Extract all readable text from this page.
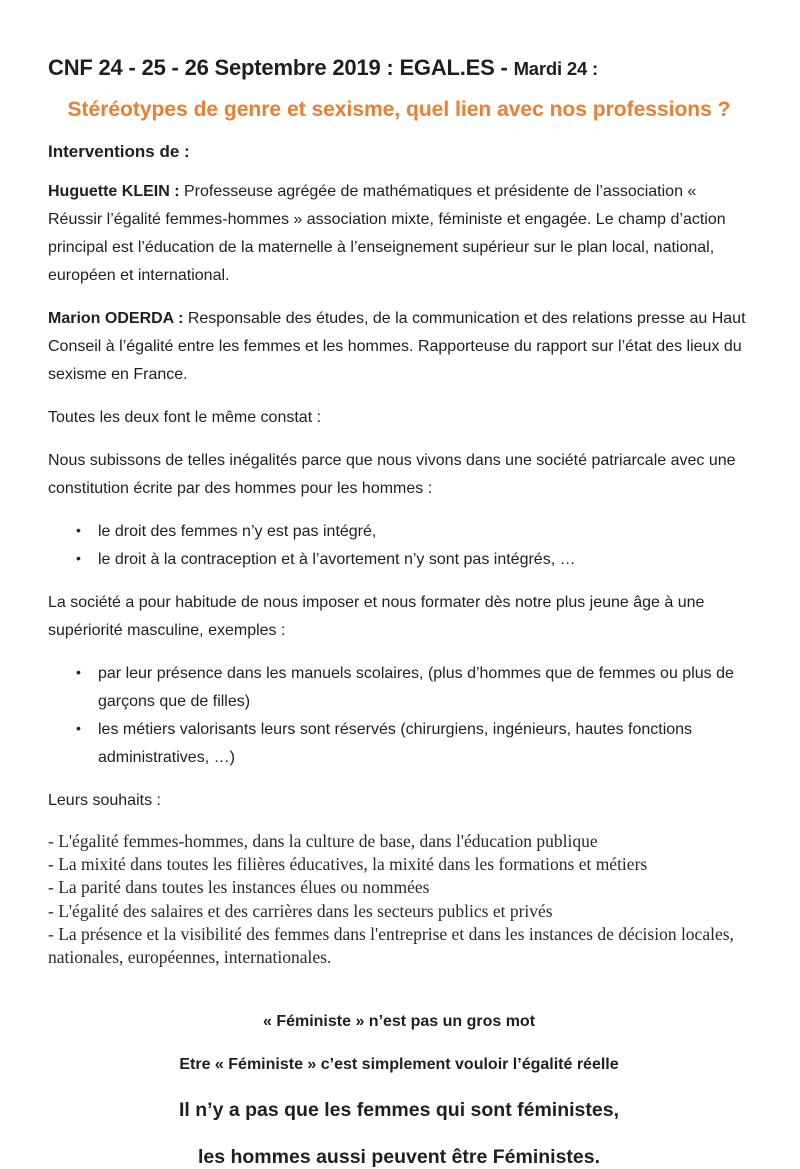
CNF 24 - 25 - 26 Septembre 2019 : EGAL.ES - Mardi 24 :
Stéréotypes de genre et sexisme, quel lien avec nos professions ?
Interventions de :

Huguette KLEIN : Professeuse agrégée de mathématiques et présidente de l’association « Réussir l’égalité femmes-hommes » association mixte, féministe et engagée. Le champ d’action principal est l’éducation de la maternelle à l’enseignement supérieur sur le plan local, national, européen et international.

Marion ODERDA : Responsable des études, de la communication et des relations presse au Haut Conseil à l’égalité entre les femmes et les hommes. Rapporteuse du rapport sur l’état des lieux du sexisme en France.

Toutes les deux font le même constat :

Nous subissons de telles inégalités parce que nous vivons dans une société patriarcale avec une constitution écrite par des hommes pour les hommes :

• le droit des femmes n’y est pas intégré,
• le droit à la contraception et à l’avortement n’y sont pas intégrés, …

La société a pour habitude de nous imposer et nous formater dès notre plus jeune âge à une supériorité masculine, exemples :

• par leur présence dans les manuels scolaires, (plus d’hommes que de femmes ou plus de garçons que de filles)
• les métiers valorisants leurs sont réservés (chirurgiens, ingénieurs, hautes fonctions administratives, …)

Leurs souhaits :

- L'égalité femmes-hommes, dans la culture de base, dans l'éducation publique
- La mixité dans toutes les filières éducatives, la mixité dans les formations et métiers
- La parité dans toutes les instances élues ou nommées
- L'égalité des salaires et des carrières dans les secteurs publics et privés
- La présence et la visibilité des femmes dans l'entreprise et dans les instances de décision locales, nationales, européennes, internationales.

« Féministe » n’est pas un gros mot

Etre « Féministe » c’est simplement vouloir l’égalité réelle

Il n’y a pas que les femmes qui sont féministes,

les hommes aussi peuvent être Féministes.
